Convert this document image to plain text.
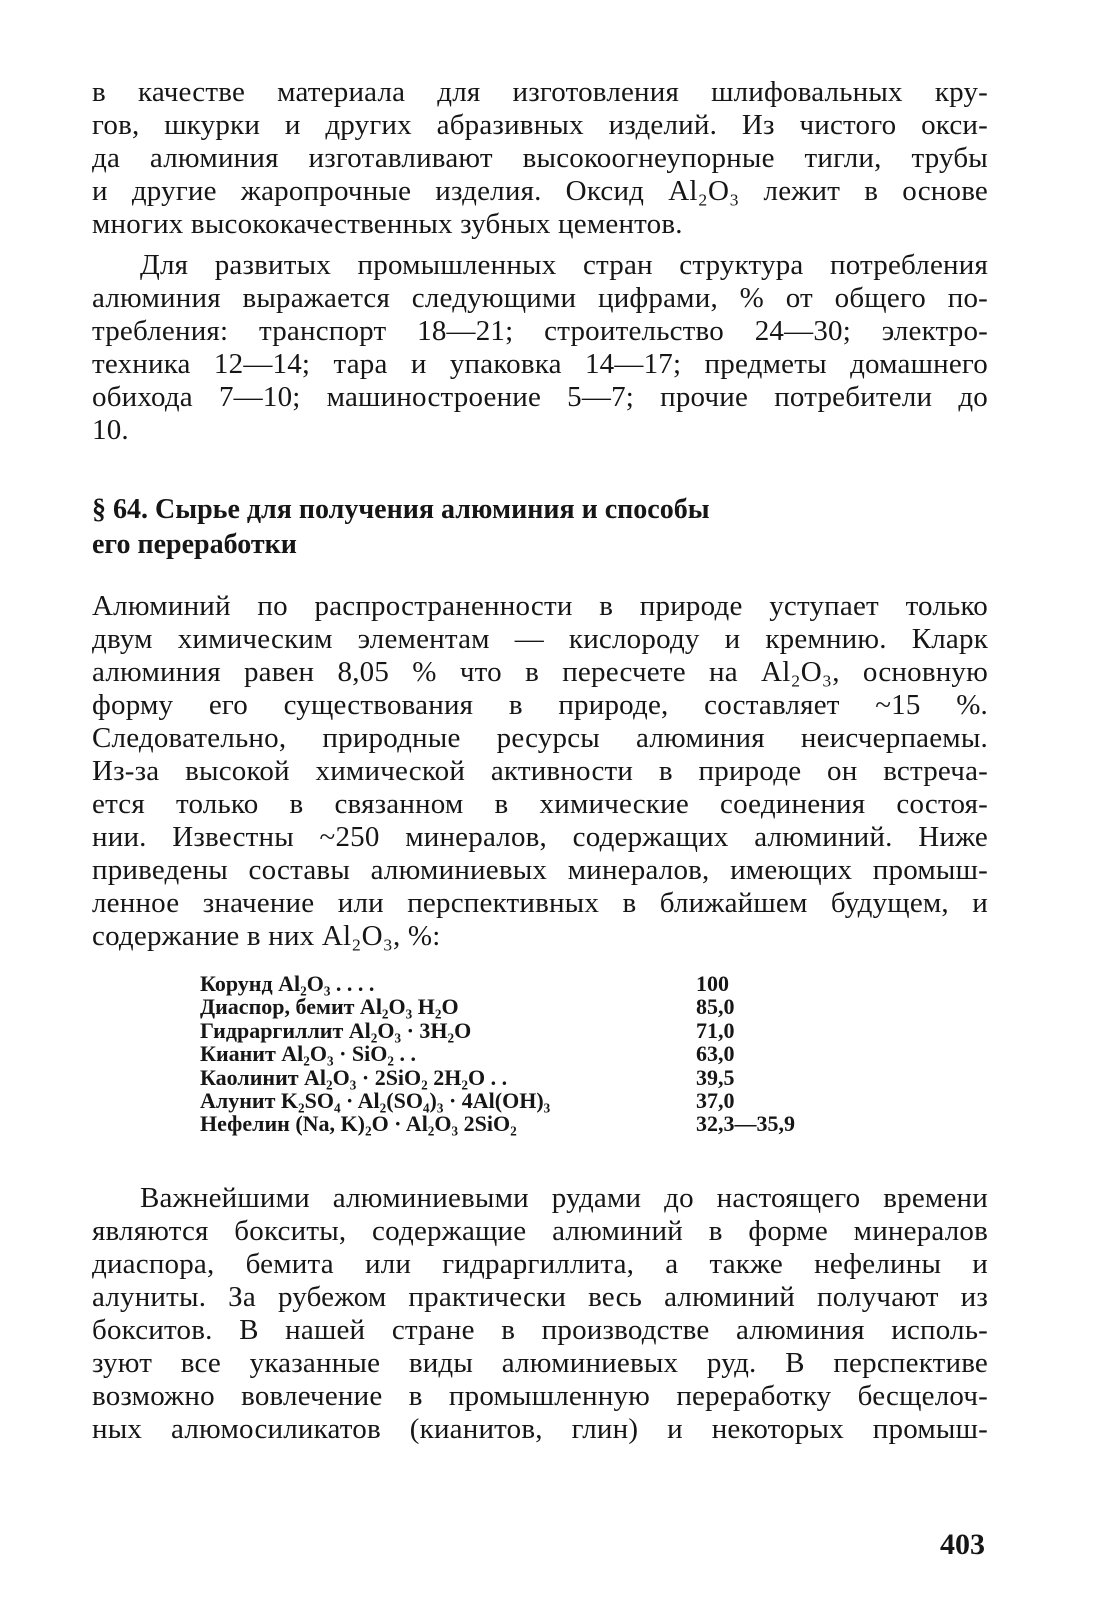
в качестве материала для изготовления шлифовальных кру-
гов, шкурки и других абразивных изделий. Из чистого окси-
да алюминия изготавливают высокоогнеупорные тигли, трубы
и другие жаропрочные изделия. Оксид Al₂O₃ лежит в основе
многих высококачественных зубных цементов.
Для развитых промышленных стран структура потребления
алюминия выражается следующими цифрами, % от общего по-
требления: транспорт 18—21; строительство 24—30; электро-
техника 12—14; тара и упаковка 14—17; предметы домашнего
обихода 7—10; машиностроение 5—7; прочие потребители до
10.

§ 64. Сырье для получения алюминия и способы

его переработки

Алюминий по распространенности в природе уступает только
двум химическим элементам — кислороду и кремнию. Кларк
алюминия равен 8,05 % что в пересчете на Al₂O₃, основную
форму его существования в природе, составляет ~15 %.
Следовательно, природные ресурсы алюминия неисчерпаемы.
Из-за высокой химической активности в природе он встреча-
ется только в связанном в химические соединения состоя-
нии. Известны ~250 минералов, содержащих алюминий. Ниже
приведены составы алюминиевых минералов, имеющих промыш-
ленное значение или перспективных в ближайшем будущем, и
содержание в них Al₂O₃, %:
Корунд Al₂O₃ . . . .	100
Диаспор, бемит Al₂O₃ H₂O	85,0
Гидраргиллит Al₂O₃ · 3H₂O	71,0
Кианит Al₂O₃ · SiO₂ . .	63,0
Каолинит Al₂O₃ · 2SiO₂ 2H₂O . .	39,5
Алунит K₂SO₄ · Al₂(SO₄)₃ · 4Al(OH)₃	37,0
Нефелин (Na, K)₂O · Al₂O₃ 2SiO₂	32,3—35,9
Важнейшими алюминиевыми рудами до настоящего времени
являются бокситы, содержащие алюминий в форме минералов
диаспора, бемита или гидраргиллита, а также нефелины и
алуниты. За рубежом практически весь алюминий получают из
бокситов. В нашей стране в производстве алюминия исполь-
зуют все указанные виды алюминиевых руд. В перспективе
возможно вовлечение в промышленную переработку бесщелоч-
ных алюмосиликатов (кианитов, глин) и некоторых промыш-
403
